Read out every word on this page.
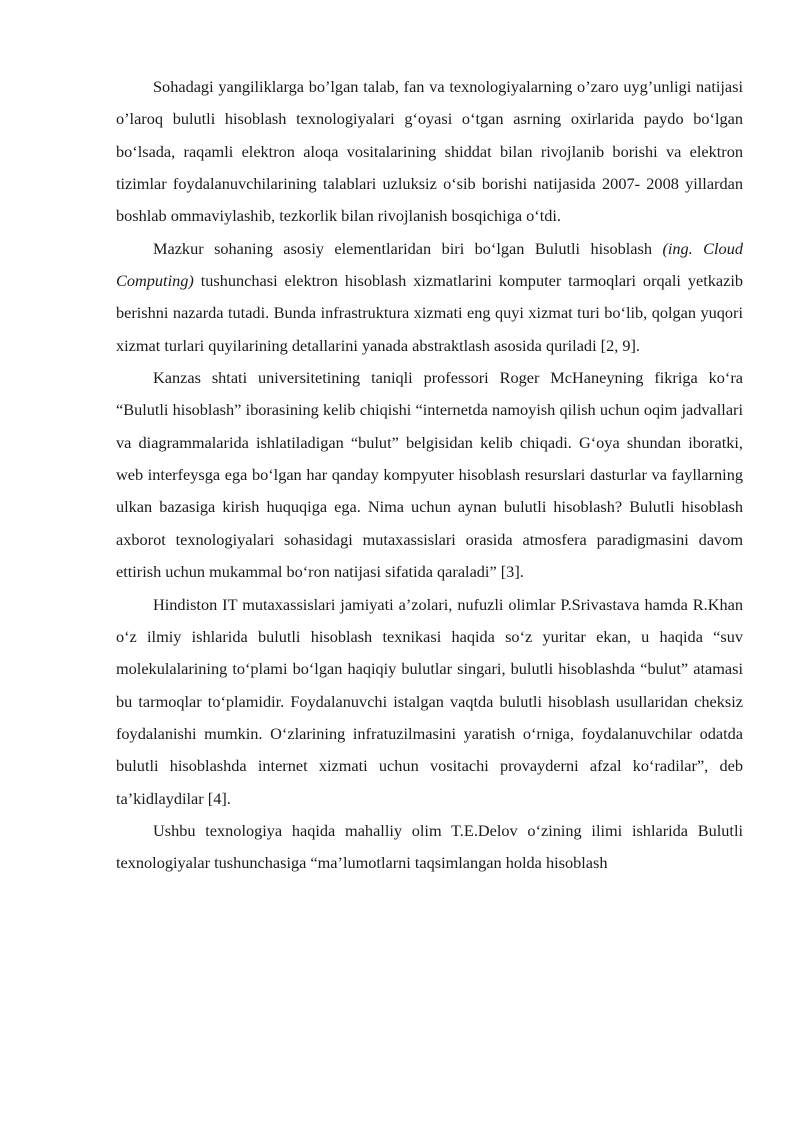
Sohadagi yangiliklarga bo’lgan talab, fan va texnologiyalarning o’zaro uyg’unligi natijasi o’laroq bulutli hisoblash texnologiyalari g‘oyasi o‘tgan asrning oxirlarida paydo bo‘lgan bo‘lsada, raqamli elektron aloqa vositalarining shiddat bilan rivojlanib borishi va elektron tizimlar foydalanuvchilarining talablari uzluksiz o‘sib borishi natijasida 2007- 2008 yillardan boshlab ommaviylashib, tezkorlik bilan rivojlanish bosqichiga o‘tdi.

Mazkur sohaning asosiy elementlaridan biri bo‘lgan Bulutli hisoblash (ing. Cloud Computing) tushunchasi elektron hisoblash xizmatlarini komputer tarmoqlari orqali yetkazib berishni nazarda tutadi. Bunda infrastruktura xizmati eng quyi xizmat turi bo‘lib, qolgan yuqori xizmat turlari quyilarining detallarini yanada abstraktlash asosida quriladi [2, 9].

Kanzas shtati universitetining taniqli professori Roger McHaneyning fikriga ko‘ra “Bulutli hisoblash” iborasining kelib chiqishi “internetda namoyish qilish uchun oqim jadvallari va diagrammalarida ishlatiladigan “bulut” belgisidan kelib chiqadi. G‘oya shundan iboratki, web interfeysga ega bo‘lgan har qanday kompyuter hisoblash resurslari dasturlar va fayllarning ulkan bazasiga kirish huquqiga ega. Nima uchun aynan bulutli hisoblash? Bulutli hisoblash axborot texnologiyalari sohasidagi mutaxassislari orasida atmosfera paradigmasini davom ettirish uchun mukammal bo‘ron natijasi sifatida qaraladi” [3].

Hindiston IT mutaxassislari jamiyati a’zolari, nufuzli olimlar P.Srivastava hamda R.Khan o‘z ilmiy ishlarida bulutli hisoblash texnikasi haqida so‘z yuritar ekan, u haqida “suv molekulalarining to‘plami bo‘lgan haqiqiy bulutlar singari, bulutli hisoblashda “bulut” atamasi bu tarmoqlar to‘plamidir. Foydalanuvchi istalgan vaqtda bulutli hisoblash usullaridan cheksiz foydalanishi mumkin. O‘zlarining infratuzilmasini yaratish o‘rniga, foydalanuvchilar odatda bulutli hisoblashda internet xizmati uchun vositachi provayderni afzal ko‘radilar”, deb ta’kidlaydilar [4].

Ushbu texnologiya haqida mahalliy olim T.E.Delov o‘zining ilimi ishlarida Bulutli texnologiyalar tushunchasiga “ma’lumotlarni taqsimlangan holda hisoblash
